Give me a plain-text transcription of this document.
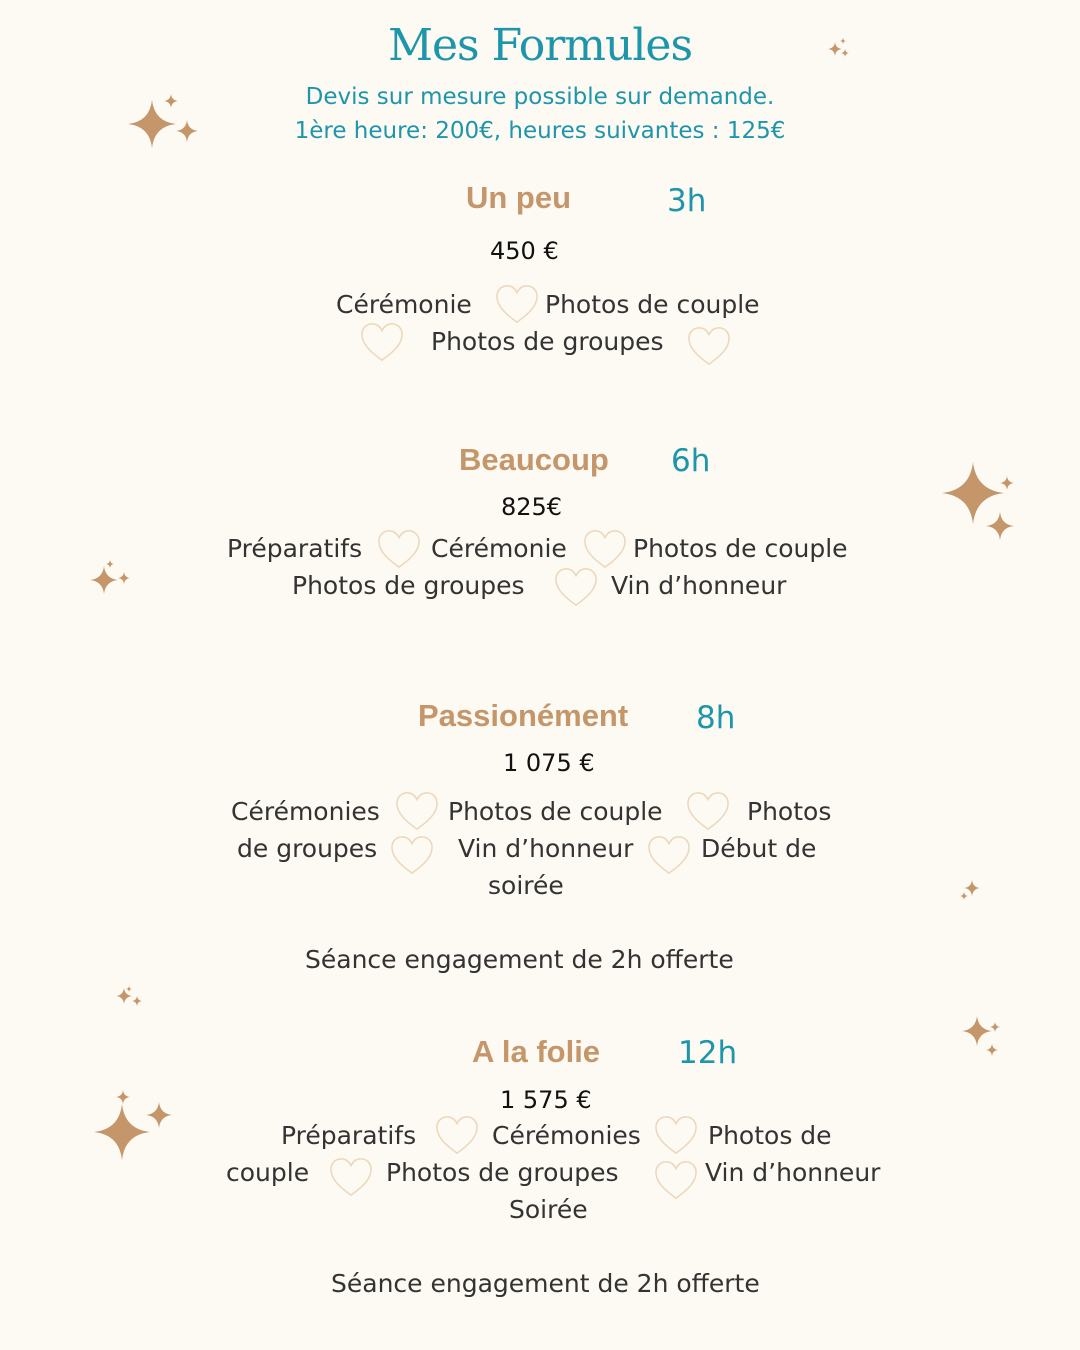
Mes Formules
Devis sur mesure possible sur demande.
1ère heure: 200€, heures suivantes : 125€
Un peu	3h
450 €
Cérémonie	Photos de couple
Photos de groupes
Beaucoup 6h
825€
Préparatifs	Cérémonie	Photos de couple
Photos de groupes	Vin d’honneur
Passionément 8h
1 075 €
Cérémonies	Photos de couple	Photos
de groupes	Vin d’honneur	Début de
soirée
Séance engagement de 2h offerte
A la folie	12h
1 575 €
Préparatifs	Cérémonies	Photos de
couple	Photos de groupes	Vin d’honneur
Soirée
Séance engagement de 2h offerte
